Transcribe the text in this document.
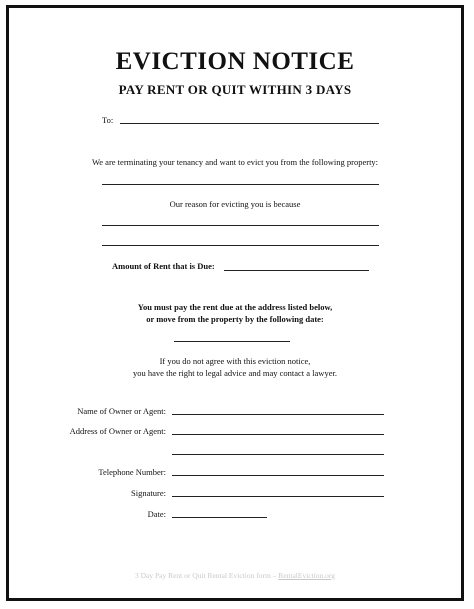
EVICTION NOTICE
PAY RENT OR QUIT WITHIN 3 DAYS
To:
We are terminating your tenancy and want to evict you from the following property:
Our reason for evicting you is because
Amount of Rent that is Due:
You must pay the rent due at the address listed below,
or move from the property by the following date:
If you do not agree with this eviction notice,
you have the right to legal advice and may contact a lawyer.
Name of Owner or Agent:
Address of Owner or Agent:
Telephone Number:
Signature:
Date:
3 Day Pay Rent or Quit Rental Eviction form – RentalEviction.org
